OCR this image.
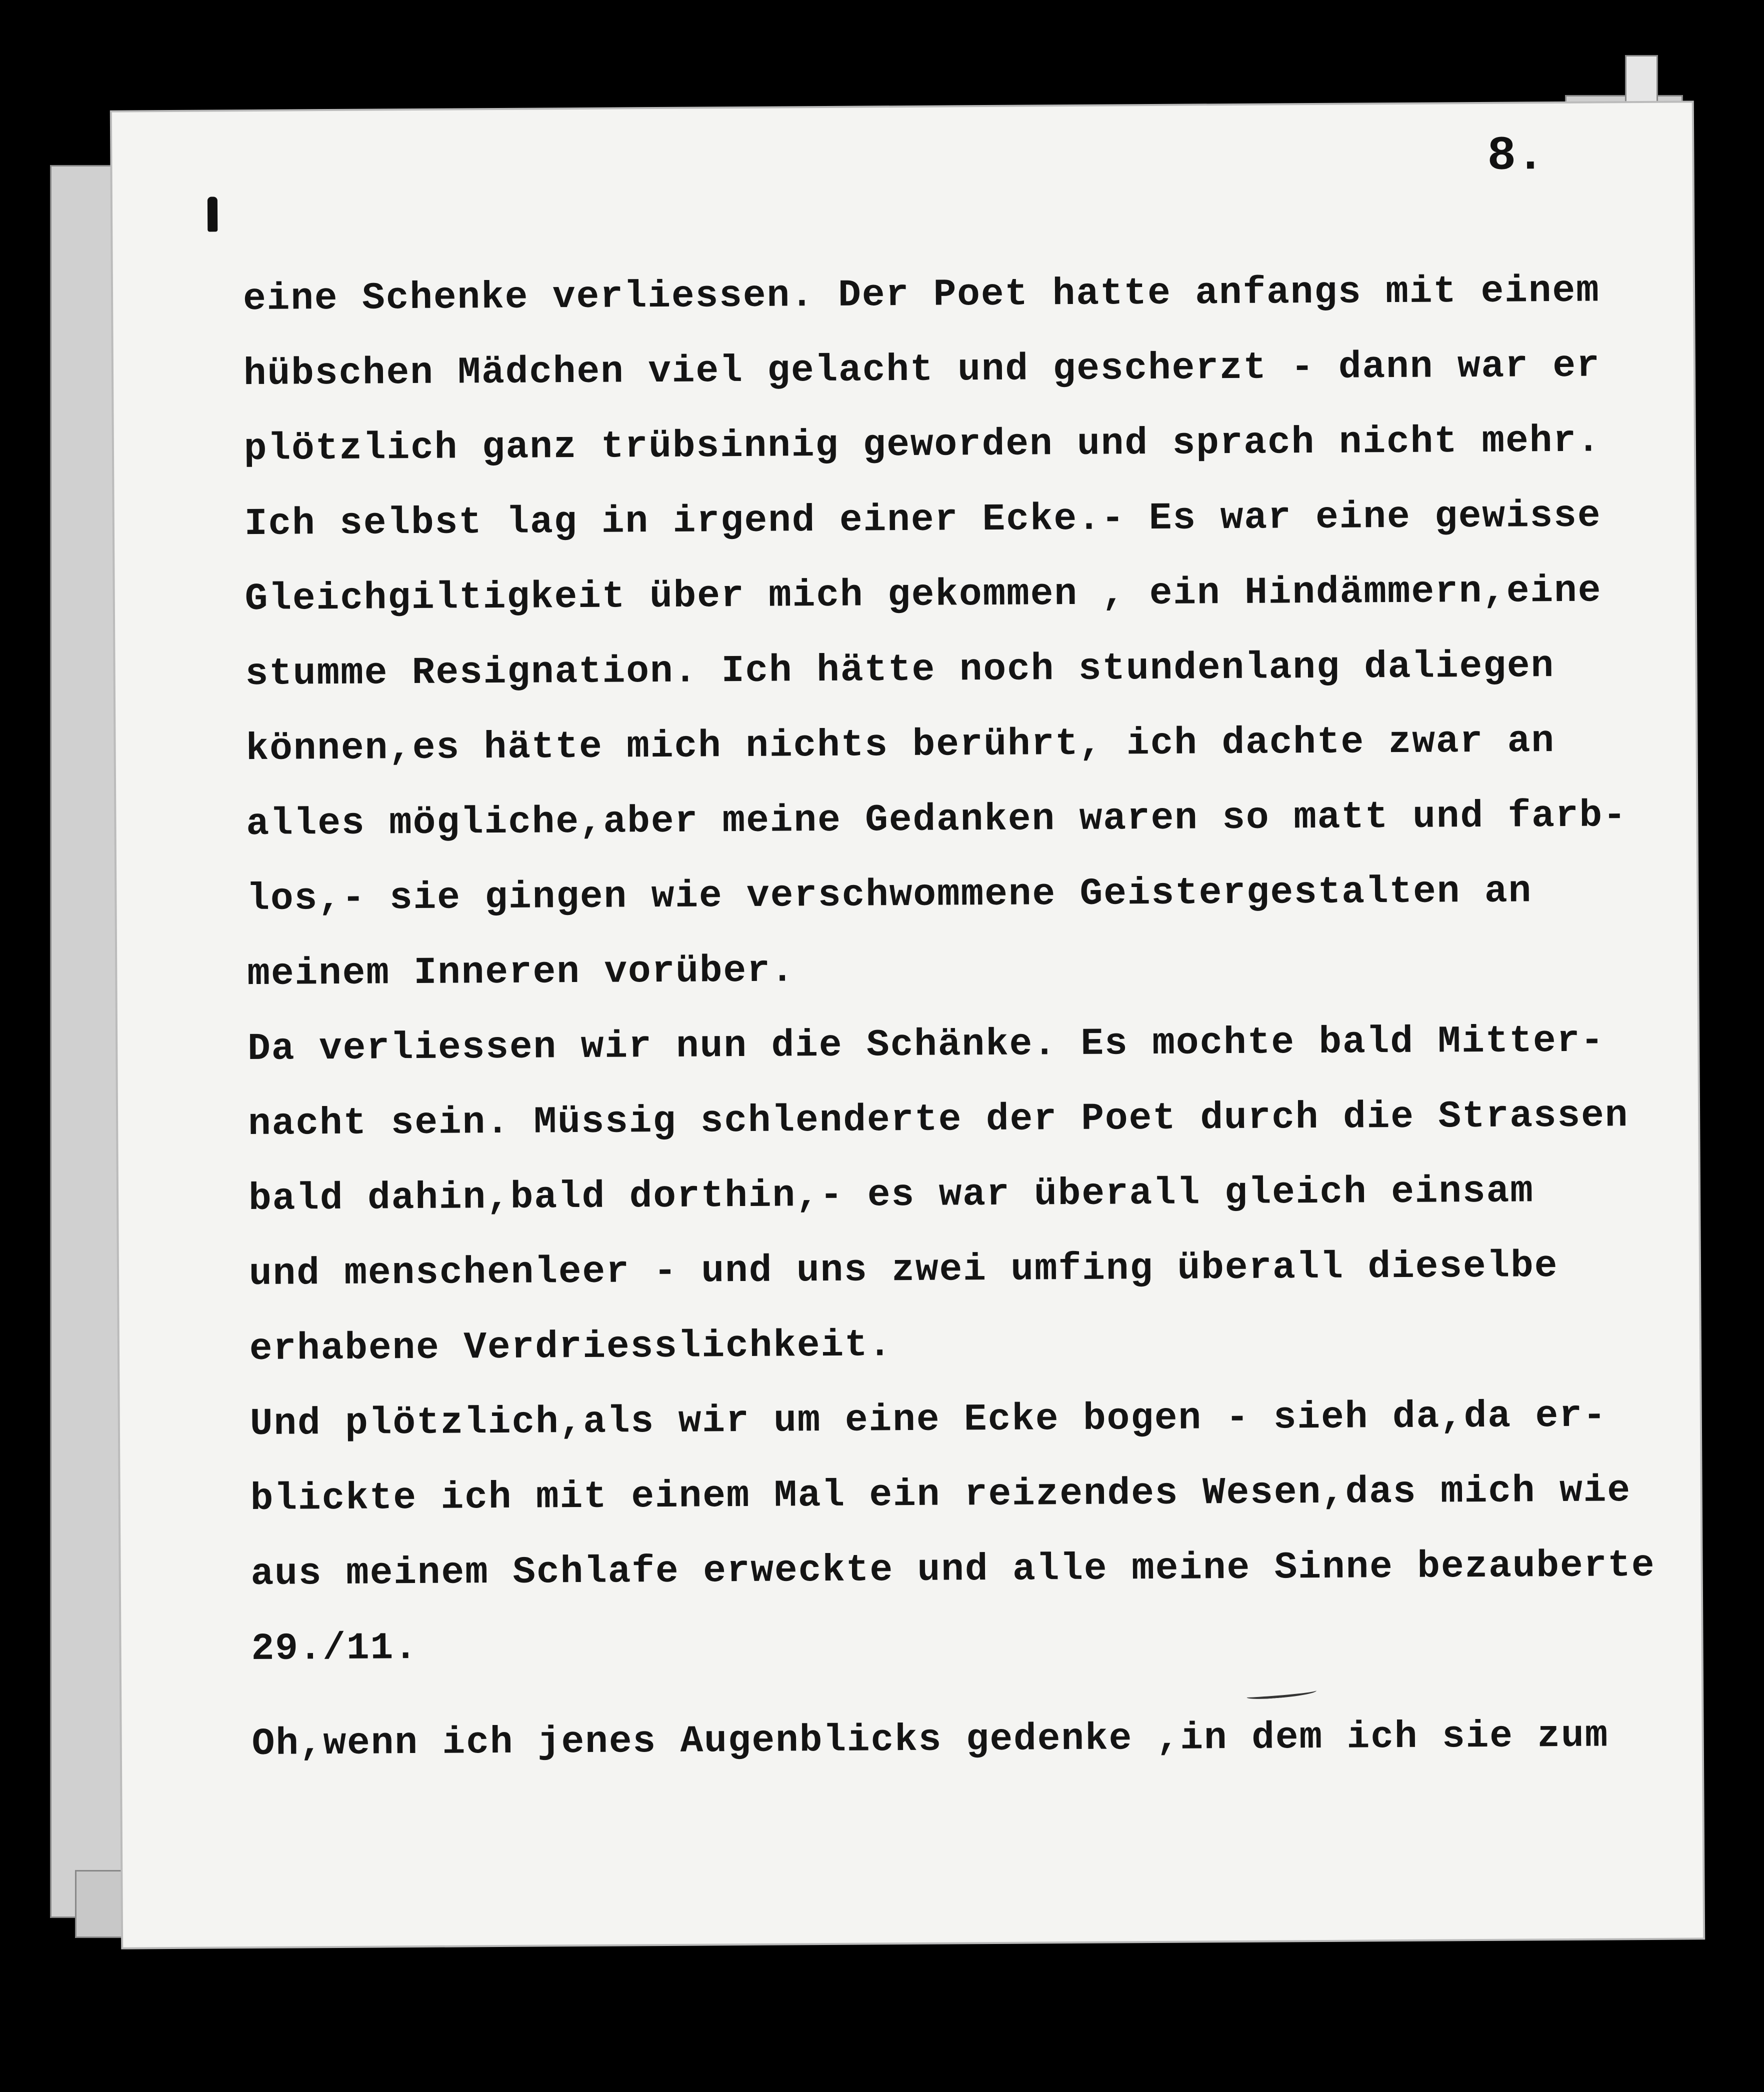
8.
eine Schenke verliessen. Der Poet hatte anfangs mit einem
hübschen Mädchen viel gelacht und gescherzt - dann war er
plötzlich ganz trübsinnig geworden und sprach nicht mehr.
Ich selbst lag in irgend einer Ecke.- Es war eine gewisse
Gleichgiltigkeit über mich gekommen , ein Hindämmern,eine
stumme Resignation. Ich hätte noch stundenlang daliegen
können,es hätte mich nichts berührt, ich dachte zwar an
alles mögliche,aber meine Gedanken waren so matt und farb-
los,- sie gingen wie verschwommene Geistergestalten an
meinem Inneren vorüber.
Da verliessen wir nun die Schänke. Es mochte bald Mitter-
nacht sein. Müssig schlenderte der Poet durch die Strassen
bald dahin,bald dorthin,- es war überall gleich einsam
und menschenleer - und uns zwei umfing überall dieselbe
erhabene Verdriesslichkeit.
Und plötzlich,als wir um eine Ecke bogen - sieh da,da er-
blickte ich mit einem Mal ein reizendes Wesen,das mich wie
aus meinem Schlafe erweckte und alle meine Sinne bezauberte
29./11.
Oh,wenn ich jenes Augenblicks gedenke ,in dem ich sie zum
